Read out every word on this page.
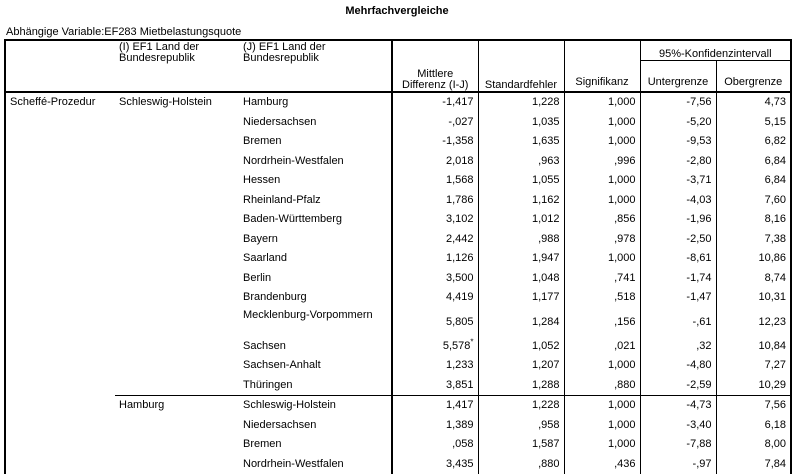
Mehrfachvergleiche
Abhängige Variable:EF283 Mietbelastungsquote
	(I) EF1 Land der Bundesrepublik	(J) EF1 Land der Bundesrepublik	Mittlere Differenz (I-J)	Standardfehler	Signifikanz	95%-Konfidenzintervall	
						Untergrenze	Obergrenze
Scheffé-Prozedur	Schleswig-Holstein	Hamburg	-1,417	1,228	1,000	-7,56	4,73
		Niedersachsen	-,027	1,035	1,000	-5,20	5,15
		Bremen	-1,358	1,635	1,000	-9,53	6,82
		Nordrhein-Westfalen	2,018	,963	,996	-2,80	6,84
		Hessen	1,568	1,055	1,000	-3,71	6,84
		Rheinland-Pfalz	1,786	1,162	1,000	-4,03	7,60
		Baden-Württemberg	3,102	1,012	,856	-1,96	8,16
		Bayern	2,442	,988	,978	-2,50	7,38
		Saarland	1,126	1,947	1,000	-8,61	10,86
		Berlin	3,500	1,048	,741	-1,74	8,74
		Brandenburg	4,419	1,177	,518	-1,47	10,31
		Mecklenburg-Vorpommern	5,805	1,284	,156	-,61	12,23
		Sachsen	5,578*	1,052	,021	,32	10,84
		Sachsen-Anhalt	1,233	1,207	1,000	-4,80	7,27
		Thüringen	3,851	1,288	,880	-2,59	10,29
	Hamburg	Schleswig-Holstein	1,417	1,228	1,000	-4,73	7,56
		Niedersachsen	1,389	,958	1,000	-3,40	6,18
		Bremen	,058	1,587	1,000	-7,88	8,00
		Nordrhein-Westfalen	3,435	,880	,436	-,97	7,84
